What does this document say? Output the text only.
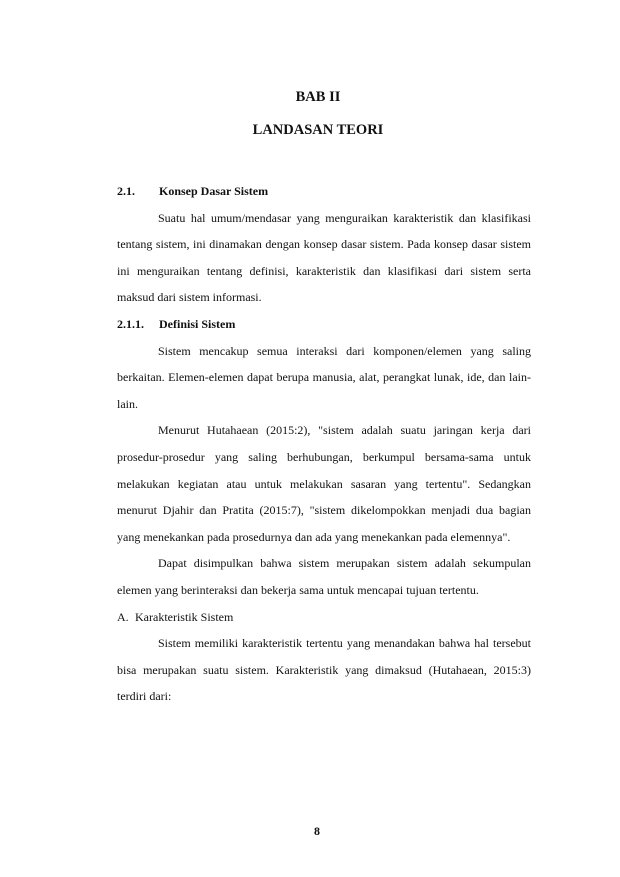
BAB II
LANDASAN TEORI

2.1. Konsep Dasar Sistem

Suatu hal umum/mendasar yang menguraikan karakteristik dan klasifikasi tentang sistem, ini dinamakan dengan konsep dasar sistem. Pada konsep dasar sistem ini menguraikan tentang definisi, karakteristik dan klasifikasi dari sistem serta maksud dari sistem informasi.

2.1.1. Definisi Sistem

Sistem mencakup semua interaksi dari komponen/elemen yang saling berkaitan. Elemen-elemen dapat berupa manusia, alat, perangkat lunak, ide, dan lain-lain.

Menurut Hutahaean (2015:2), "sistem adalah suatu jaringan kerja dari prosedur-prosedur yang saling berhubungan, berkumpul bersama-sama untuk melakukan kegiatan atau untuk melakukan sasaran yang tertentu". Sedangkan menurut Djahir dan Pratita (2015:7), "sistem dikelompokkan menjadi dua bagian yang menekankan pada prosedurnya dan ada yang menekankan pada elemennya".

Dapat disimpulkan bahwa sistem merupakan sistem adalah sekumpulan elemen yang berinteraksi dan bekerja sama untuk mencapai tujuan tertentu.

A. Karakteristik Sistem

Sistem memiliki karakteristik tertentu yang menandakan bahwa hal tersebut bisa merupakan suatu sistem. Karakteristik yang dimaksud (Hutahaean, 2015:3) terdiri dari:

8
